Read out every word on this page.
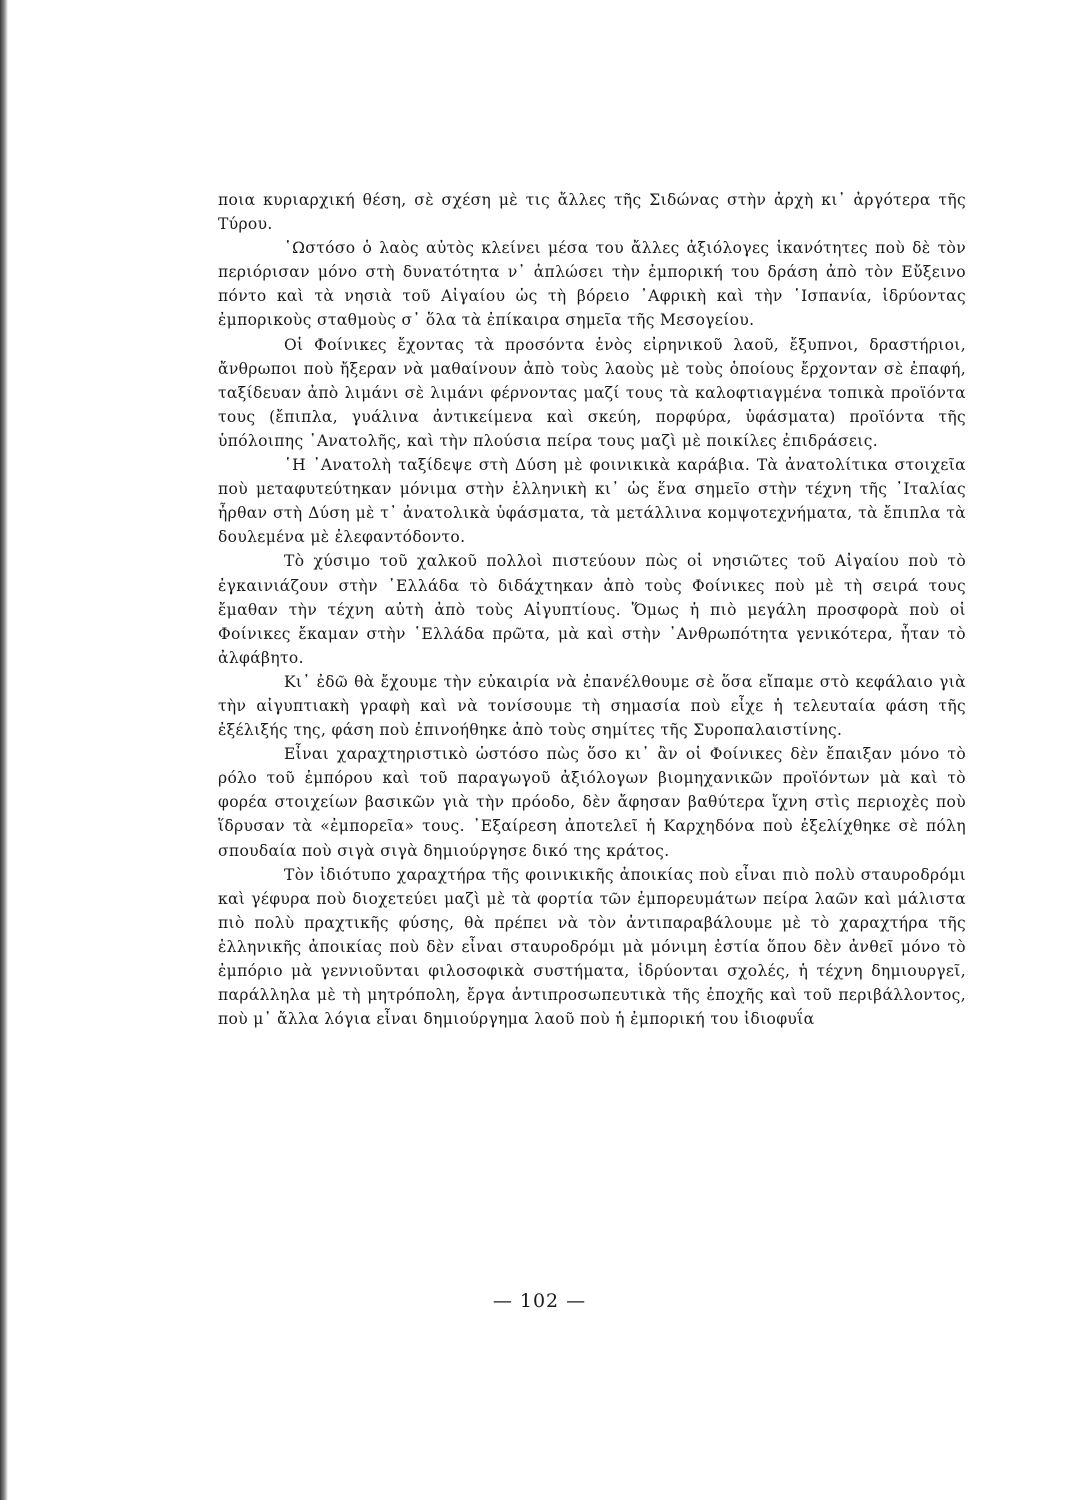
ποια κυριαρχική θέση, σὲ σχέση μὲ τις ἄλλες τῆς Σιδώνας στὴν ἀρχὴ κι᾽ ἀργότερα τῆς Τύρου.

῾Ωστόσο ὁ λαὸς αὐτὸς κλείνει μέσα του ἄλλες ἀξιόλογες ἱκανότητες ποὺ δὲ τὸν περιόρισαν μόνο στὴ δυνατότητα ν᾽ ἁπλώσει τὴν ἐμπορική του δράση ἀπὸ τὸν Εὔξεινο πόντο καὶ τὰ νησιὰ τοῦ Αἰγαίου ὡς τὴ βόρειο ᾽Αφρικὴ καὶ τὴν ῾Ισπανία, ἱδρύοντας ἐμπορικοὺς σταθμοὺς σ᾽ ὅλα τὰ ἐπίκαιρα σημεῖα τῆς Μεσογείου.

Οἱ Φοίνικες ἔχοντας τὰ προσόντα ἑνὸς εἰρηνικοῦ λαοῦ, ἔξυπνοι, δραστήριοι, ἄνθρωποι ποὺ ἤξεραν νὰ μαθαίνουν ἀπὸ τοὺς λαοὺς μὲ τοὺς ὁποίους ἔρχονταν σὲ ἐπαφή, ταξίδευαν ἀπὸ λιμάνι σὲ λιμάνι φέρνοντας μαζί τους τὰ καλοφτιαγμένα τοπικὰ προϊόντα τους (ἔπιπλα, γυάλινα ἀντικείμενα καὶ σκεύη, πορφύρα, ὑφάσματα) προϊόντα τῆς ὑπόλοιπης ᾽Ανατολῆς, καὶ τὴν πλούσια πείρα τους μαζὶ μὲ ποικίλες ἐπιδράσεις.

῾Η ᾽Ανατολὴ ταξίδεψε στὴ Δύση μὲ φοινικικὰ καράβια. Τὰ ἀνατολίτικα στοιχεῖα ποὺ μεταφυτεύτηκαν μόνιμα στὴν ἑλληνικὴ κι᾽ ὡς ἕνα σημεῖο στὴν τέχνη τῆς ᾽Ιταλίας ἦρθαν στὴ Δύση μὲ τ᾽ ἀνατολικὰ ὑφάσματα, τὰ μετάλλινα κομψοτεχνήματα, τὰ ἔπιπλα τὰ δουλεμένα μὲ ἐλεφαντόδοντο.

Τὸ χύσιμο τοῦ χαλκοῦ πολλοὶ πιστεύουν πὼς οἱ νησιῶτες τοῦ Αἰγαίου ποὺ τὸ ἐγκαινιάζουν στὴν ῾Ελλάδα τὸ διδάχτηκαν ἀπὸ τοὺς Φοίνικες ποὺ μὲ τὴ σειρά τους ἔμαθαν τὴν τέχνη αὐτὴ ἀπὸ τοὺς Αἰγυπτίους. Ὅμως ἡ πιὸ μεγάλη προσφορὰ ποὺ οἱ Φοίνικες ἔκαμαν στὴν ῾Ελλάδα πρῶτα, μὰ καὶ στὴν ᾽Ανθρωπότητα γενικότερα, ἦταν τὸ ἀλφάβητο.

Κι᾽ ἐδῶ θὰ ἔχουμε τὴν εὐκαιρία νὰ ἐπανέλθουμε σὲ ὅσα εἴπαμε στὸ κεφάλαιο γιὰ τὴν αἰγυπτιακὴ γραφὴ καὶ νὰ τονίσουμε τὴ σημασία ποὺ εἶχε ἡ τελευταία φάση τῆς ἐξέλιξής της, φάση ποὺ ἐπινοήθηκε ἀπὸ τοὺς σημίτες τῆς Συροπαλαιστίνης.

Εἶναι χαραχτηριστικὸ ὡστόσο πὼς ὅσο κι᾽ ἂν οἱ Φοίνικες δὲν ἔπαιξαν μόνο τὸ ρόλο τοῦ ἐμπόρου καὶ τοῦ παραγωγοῦ ἀξιόλογων βιομηχανικῶν προϊόντων μὰ καὶ τὸ φορέα στοιχείων βασικῶν γιὰ τὴν πρόοδο, δὲν ἄφησαν βαθύτερα ἴχνη στὶς περιοχὲς ποὺ ἵδρυσαν τὰ «ἐμπορεῖα» τους. ᾽Εξαίρεση ἀποτελεῖ ἡ Καρχηδόνα ποὺ ἐξελίχθηκε σὲ πόλη σπουδαία ποὺ σιγὰ σιγὰ δημιούργησε δικό της κράτος.

Τὸν ἰδιότυπο χαραχτήρα τῆς φοινικικῆς ἀποικίας ποὺ εἶναι πιὸ πολὺ σταυροδρόμι καὶ γέφυρα ποὺ διοχετεύει μαζὶ μὲ τὰ φορτία τῶν ἐμπορευμάτων πείρα λαῶν καὶ μάλιστα πιὸ πολὺ πραχτικῆς φύσης, θὰ πρέπει νὰ τὸν ἀντιπαραβάλουμε μὲ τὸ χαραχτήρα τῆς ἑλληνικῆς ἀποικίας ποὺ δὲν εἶναι σταυροδρόμι μὰ μόνιμη ἑστία ὅπου δὲν ἀνθεῖ μόνο τὸ ἐμπόριο μὰ γεννιοῦνται φιλοσοφικὰ συστήματα, ἱδρύονται σχολές, ἡ τέχνη δημιουργεῖ, παράλληλα μὲ τὴ μητρόπολη, ἔργα ἀντιπροσωπευτικὰ τῆς ἐποχῆς καὶ τοῦ περιβάλλοντος, ποὺ μ᾽ ἄλλα λόγια εἶναι δημιούργημα λαοῦ ποὺ ἡ ἐμπορική του ἰδιοφυΐα

— 102 —
